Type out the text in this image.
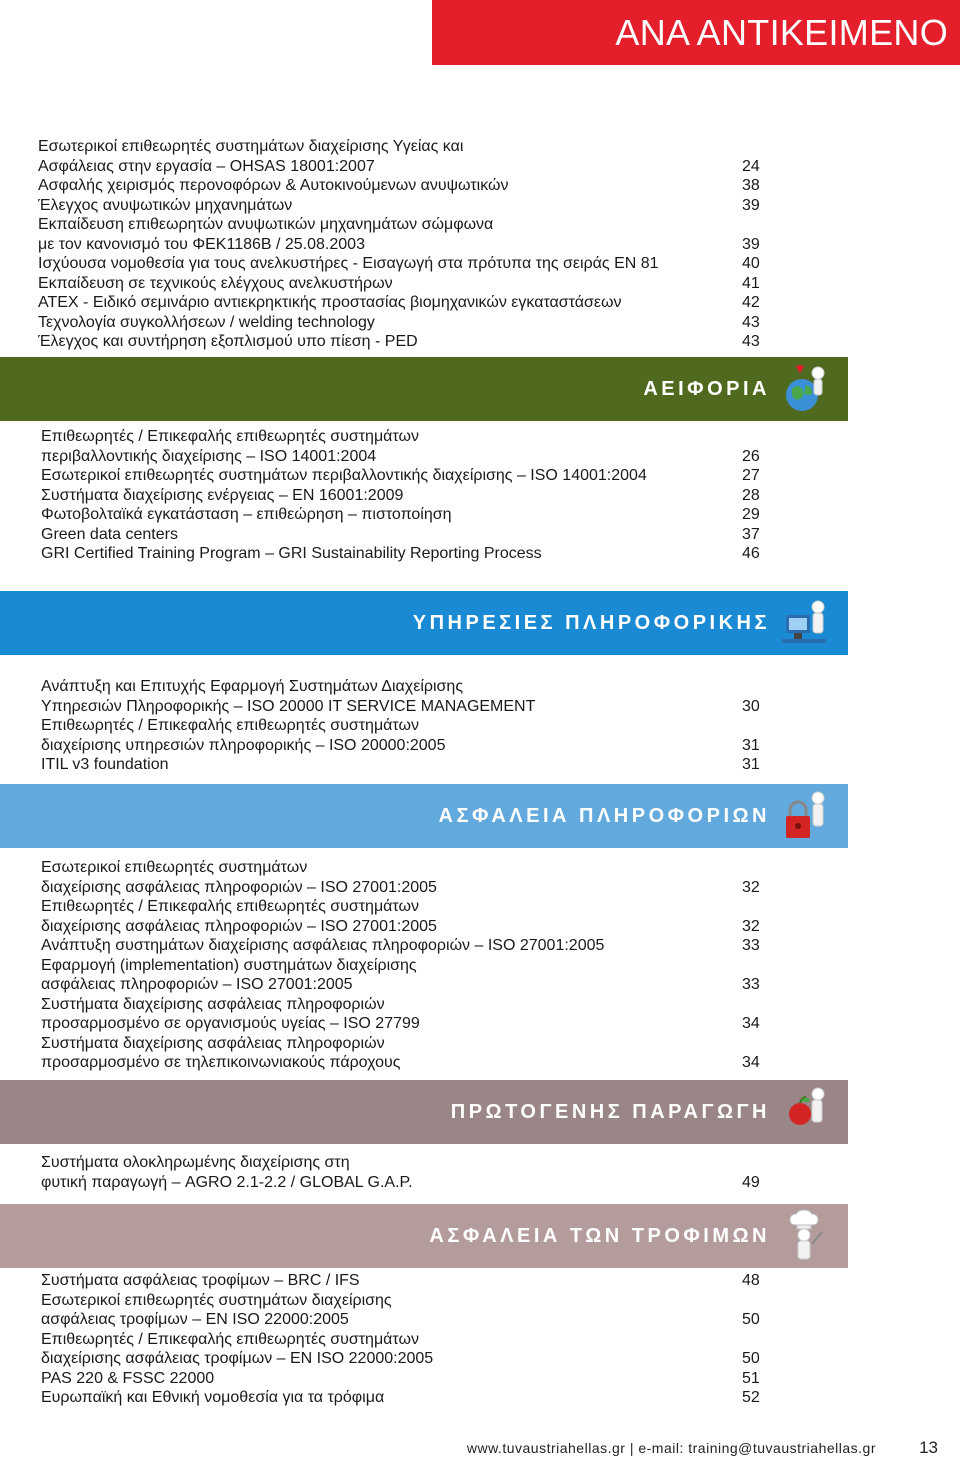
ΑΝΑ ΑΝΤΙΚΕΙΜΕΝΟ
Εσωτερικοί επιθεωρητές συστημάτων διαχείρισης Υγείας και
Ασφάλειας στην εργασία – OHSAS 18001:2007	24
Ασφαλής χειρισμός περονοφόρων & Αυτοκινούμενων ανυψωτικών	38
Έλεγχος ανυψωτικών μηχανημάτων	39
Εκπαίδευση επιθεωρητών ανυψωτικών μηχανημάτων σώμφωνα
με τον κανονισμό του ΦΕΚ1186Β / 25.08.2003	39
Ισχύουσα νομοθεσία για τους ανελκυστήρες - Εισαγωγή στα πρότυπα της σειράς ΕΝ 81	40
Εκπαίδευση σε τεχνικούς ελέγχους ανελκυστήρων	41
ATEX - Ειδικό σεμινάριο αντιεκρηκτικής προστασίας βιομηχανικών εγκαταστάσεων	42
Τεχνολογία συγκολλήσεων / welding technology	43
Έλεγχος και συντήρηση εξοπλισμού υπο πίεση - PED	43
ΑΕΙΦΟΡΙΑ
Επιθεωρητές / Επικεφαλής επιθεωρητές συστημάτων
περιβαλλοντικής διαχείρισης – ISO 14001:2004	26
Εσωτερικοί επιθεωρητές συστημάτων περιβαλλοντικής διαχείρισης – ISO 14001:2004	27
Συστήματα διαχείρισης ενέργειας – ΕΝ 16001:2009	28
Φωτοβολταϊκά εγκατάσταση – επιθεώρηση – πιστοποίηση	29
Green data centers	37
GRI Certified Training Program – GRI Sustainability Reporting Process	46
ΥΠΗΡΕΣΙΕΣ ΠΛΗΡΟΦΟΡΙΚΗΣ
Ανάπτυξη και Επιτυχής Εφαρμογή Συστημάτων Διαχείρισης
Υπηρεσιών Πληροφορικής – ISO 20000 IT SERVICE MANAGEMENT	30
Επιθεωρητές / Επικεφαλής επιθεωρητές συστημάτων
διαχείρισης υπηρεσιών πληροφορικής – ISO 20000:2005	31
ITIL v3 foundation	31
ΑΣΦΑΛΕΙΑ ΠΛΗΡΟΦΟΡΙΩΝ
Εσωτερικοί επιθεωρητές συστημάτων
διαχείρισης ασφάλειας πληροφοριών – ISO 27001:2005	32
Επιθεωρητές / Επικεφαλής επιθεωρητές συστημάτων
διαχείρισης ασφάλειας πληροφοριών – ISO 27001:2005	32
Ανάπτυξη συστημάτων διαχείρισης ασφάλειας πληροφοριών – ISO 27001:2005	33
Εφαρμογή (implementation) συστημάτων διαχείρισης
ασφάλειας πληροφοριών – ISO 27001:2005	33
Συστήματα διαχείρισης ασφάλειας πληροφοριών
προσαρμοσμένο σε οργανισμούς υγείας – ISO 27799	34
Συστήματα διαχείρισης ασφάλειας πληροφοριών
προσαρμοσμένο σε τηλεπικοινωνιακούς πάροχους	34
ΠΡΩΤΟΓΕΝΗΣ ΠΑΡΑΓΩΓΗ
Συστήματα ολοκληρωμένης διαχείρισης στη
φυτική παραγωγή – AGRO 2.1-2.2 / GLOBAL G.A.P.	49
ΑΣΦΑΛΕΙΑ ΤΩΝ ΤΡΟΦΙΜΩΝ
Συστήματα ασφάλειας τροφίμων – BRC / IFS	48
Εσωτερικοί επιθεωρητές συστημάτων διαχείρισης
ασφάλειας τροφίμων – ΕΝ ISO 22000:2005	50
Επιθεωρητές / Επικεφαλής επιθεωρητές συστημάτων
διαχείρισης ασφάλειας τροφίμων – ΕΝ ISO 22000:2005	50
PAS 220 & FSSC 22000	51
Ευρωπαϊκή και Εθνική νομοθεσία για τα τρόφιμα	52
www.tuvaustriahellas.gr | e-mail: training@tuvaustriahellas.gr	13
